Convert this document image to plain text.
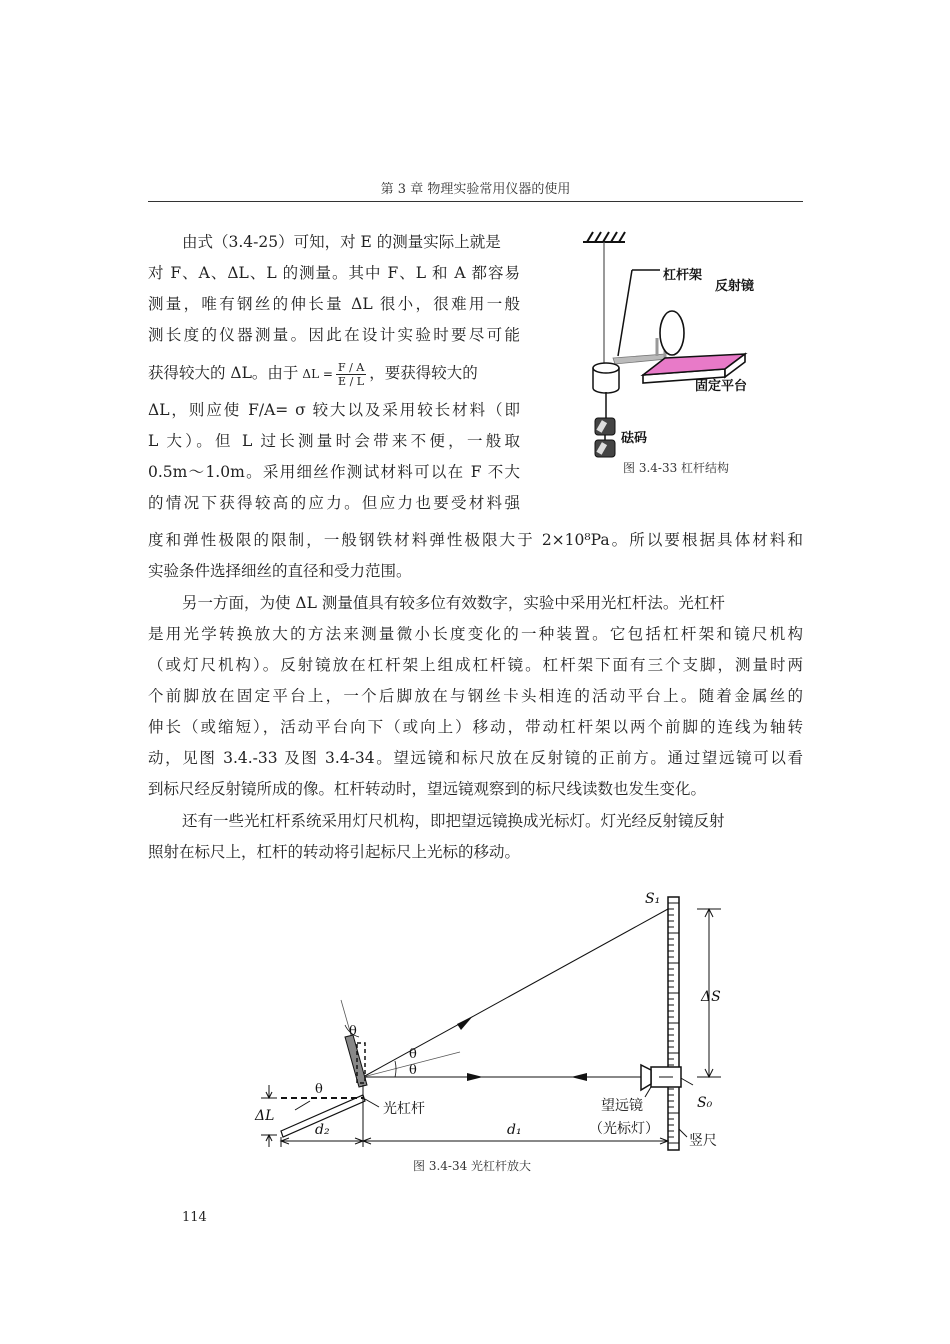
第 3 章 物理实验常用仪器的使用
由式（3.4-25）可知，对 E 的测量实际上就是
对 F、A、ΔL、L 的测量。其中 F、L 和 A 都容易
测量，唯有钢丝的伸长量 ΔL 很小，很难用一般
测长度的仪器测量。因此在设计实验时要尽可能
获得较大的 ΔL。由于 $\Delta L = \frac{F / A}{E / L}$ ，要获得较大的
ΔL，则应使 F/A= σ 较大以及采用较长材料（即
L 大）。但 L 过长测量时会带来不便，一般取
0.5m～1.0m。采用细丝作测试材料可以在 F 不大
的情况下获得较高的应力。但应力也要受材料强
度和弹性极限的限制，一般钢铁材料弹性极限大于 2×10⁸Pa。所以要根据具体材料和
实验条件选择细丝的直径和受力范围。
另一方面，为使 ΔL 测量值具有较多位有效数字，实验中采用光杠杆法。光杠杆
是用光学转换放大的方法来测量微小长度变化的一种装置。它包括杠杆架和镜尺机构
（或灯尺机构）。反射镜放在杠杆架上组成杠杆镜。杠杆架下面有三个支脚，测量时两
个前脚放在固定平台上，一个后脚放在与钢丝卡头相连的活动平台上。随着金属丝的
伸长（或缩短），活动平台向下（或向上）移动，带动杠杆架以两个前脚的连线为轴转
动，见图 3.4.-33 及图 3.4-34。望远镜和标尺放在反射镜的正前方。通过望远镜可以看
到标尺经反射镜所成的像。杠杆转动时，望远镜观察到的标尺线读数也发生变化。
还有一些光杠杆系统采用灯尺机构，即把望远镜换成光标灯。灯光经反射镜反射
照射在标尺上，杠杆的转动将引起标尺上光标的移动。
杠杆架
反射镜
固定平台
砝码
图 3.4-33 杠杆结构
S₁
ΔS
S₀
ΔL
θ
θ
θ
θ
d₂	d₁
光杠杆	望远镜
（光标灯）
竖尺
图 3.4-34 光杠杆放大
114
